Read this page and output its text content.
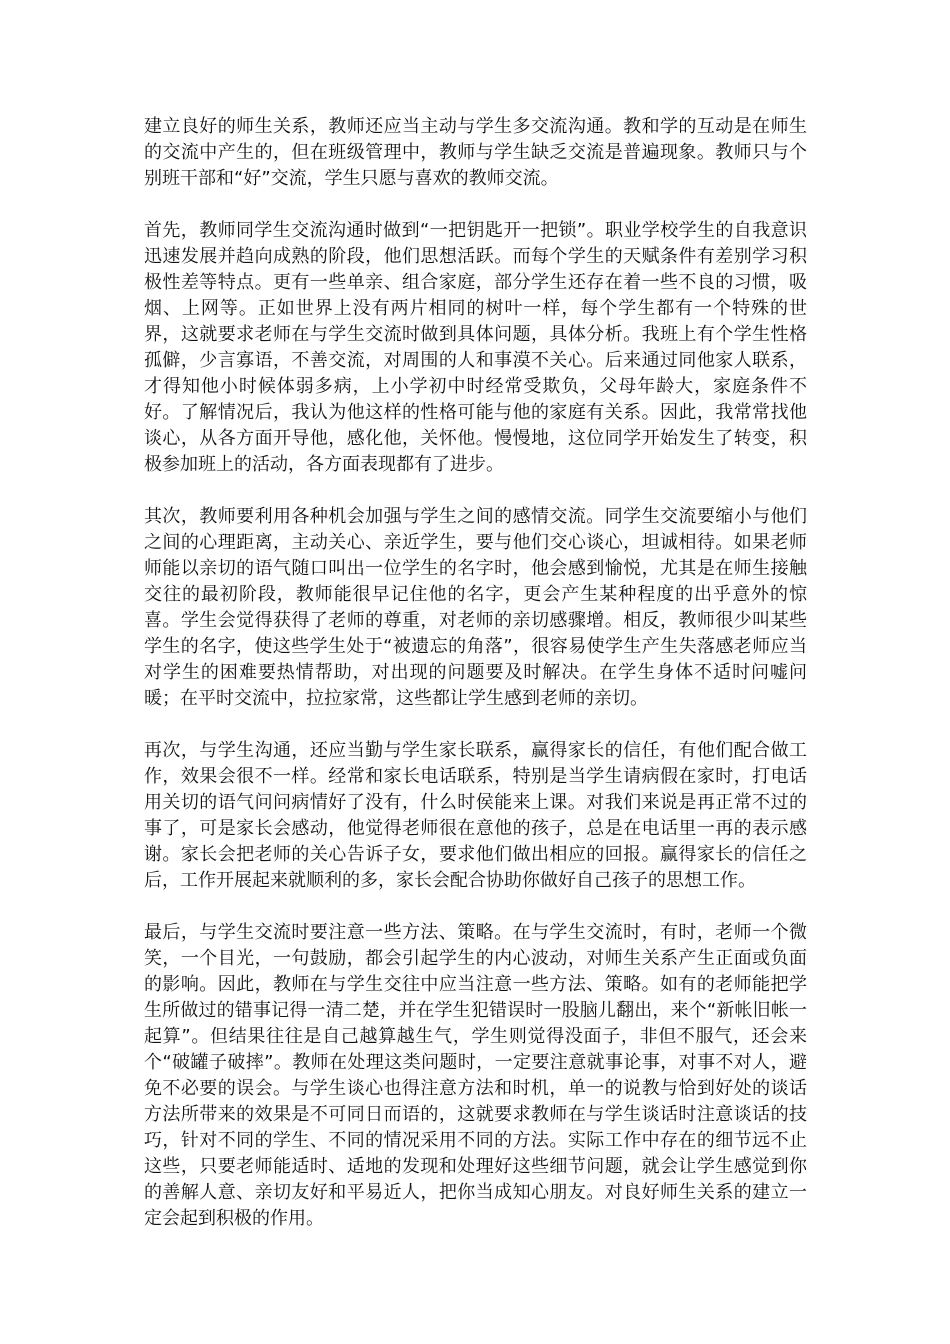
建立良好的师生关系，教师还应当主动与学生多交流沟通。教和学的互动是在师生的交流中产生的，但在班级管理中，教师与学生缺乏交流是普遍现象。教师只与个别班干部和“好”交流，学生只愿与喜欢的教师交流。

首先，教师同学生交流沟通时做到“一把钥匙开一把锁”。职业学校学生的自我意识迅速发展并趋向成熟的阶段，他们思想活跃。而每个学生的天赋条件有差别学习积极性差等特点。更有一些单亲、组合家庭，部分学生还存在着一些不良的习惯，吸烟、上网等。正如世界上没有两片相同的树叶一样，每个学生都有一个特殊的世界，这就要求老师在与学生交流时做到具体问题，具体分析。我班上有个学生性格孤僻，少言寡语，不善交流，对周围的人和事漠不关心。后来通过同他家人联系，才得知他小时候体弱多病，上小学初中时经常受欺负，父母年龄大，家庭条件不好。了解情况后，我认为他这样的性格可能与他的家庭有关系。因此，我常常找他谈心，从各方面开导他，感化他，关怀他。慢慢地，这位同学开始发生了转变，积极参加班上的活动，各方面表现都有了进步。

其次，教师要利用各种机会加强与学生之间的感情交流。同学生交流要缩小与他们之间的心理距离，主动关心、亲近学生，要与他们交心谈心，坦诚相待。如果老师师能以亲切的语气随口叫出一位学生的名字时，他会感到愉悦，尤其是在师生接触交往的最初阶段，教师能很早记住他的名字，更会产生某种程度的出乎意外的惊喜。学生会觉得获得了老师的尊重，对老师的亲切感骤增。相反，教师很少叫某些学生的名字，使这些学生处于“被遗忘的角落”，很容易使学生产生失落感老师应当对学生的困难要热情帮助，对出现的问题要及时解决。在学生身体不适时问嘘问暖；在平时交流中，拉拉家常，这些都让学生感到老师的亲切。

再次，与学生沟通，还应当勤与学生家长联系，赢得家长的信任，有他们配合做工作，效果会很不一样。经常和家长电话联系，特别是当学生请病假在家时，打电话用关切的语气问问病情好了没有，什么时侯能来上课。对我们来说是再正常不过的事了，可是家长会感动，他觉得老师很在意他的孩子，总是在电话里一再的表示感谢。家长会把老师的关心告诉子女，要求他们做出相应的回报。赢得家长的信任之后，工作开展起来就顺利的多，家长会配合协助你做好自己孩子的思想工作。

最后，与学生交流时要注意一些方法、策略。在与学生交流时，有时，老师一个微笑，一个目光，一句鼓励，都会引起学生的内心波动，对师生关系产生正面或负面的影响。因此，教师在与学生交往中应当注意一些方法、策略。如有的老师能把学生所做过的错事记得一清二楚，并在学生犯错误时一股脑儿翻出，来个“新帐旧帐一起算”。但结果往往是自己越算越生气，学生则觉得没面子，非但不服气，还会来个“破罐子破摔”。教师在处理这类问题时，一定要注意就事论事，对事不对人，避免不必要的误会。与学生谈心也得注意方法和时机，单一的说教与恰到好处的谈话方法所带来的效果是不可同日而语的，这就要求教师在与学生谈话时注意谈话的技巧，针对不同的学生、不同的情况采用不同的方法。实际工作中存在的细节远不止这些，只要老师能适时、适地的发现和处理好这些细节问题，就会让学生感觉到你的善解人意、亲切友好和平易近人，把你当成知心朋友。对良好师生关系的建立一定会起到积极的作用。
